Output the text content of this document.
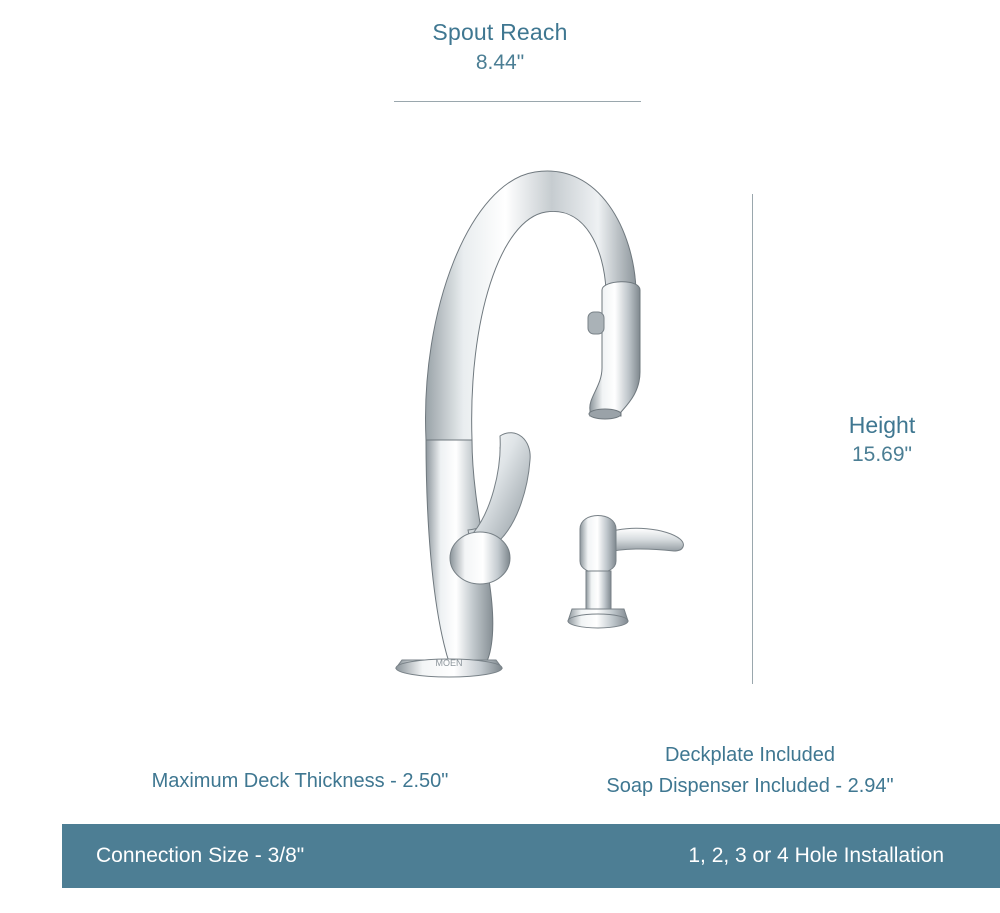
Spout Reach
8.44"
Height
15.69"
MOEN
Maximum Deck Thickness - 2.50"
Deckplate Included
Soap Dispenser Included - 2.94"
Connection Size - 3/8"	1, 2, 3 or 4 Hole Installation
